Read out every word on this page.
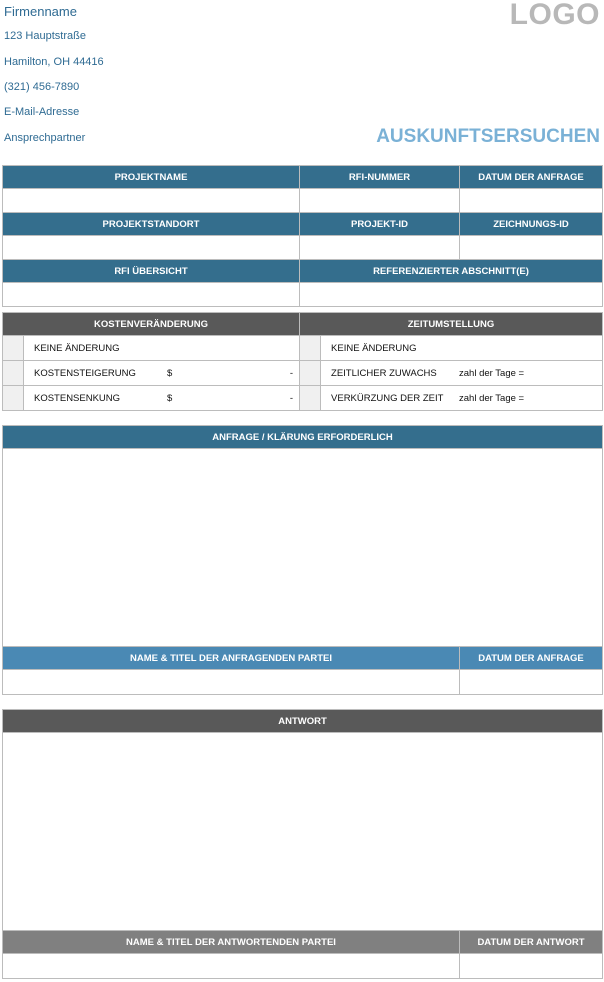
Firmenname
123 Hauptstraße
Hamilton, OH 44416
(321) 456-7890
E-Mail-Adresse
Ansprechpartner
LOGO
AUSKUNFTSERSUCHEN
PROJEKTNAME	RFI-NUMMER	DATUM DER ANFRAGE

PROJEKTSTANDORT	PROJEKT-ID	ZEICHNUNGS-ID

RFI ÜBERSICHT	REFERENZIERTER ABSCHNITT(E)	

KOSTENVERÄNDERUNG		ZEITUMSTELLUNG	

	KEINE ÄNDERUNG		KEINE ÄNDERUNG

	KOSTENSTEIGERUNG $ -		ZEITLICHER ZUWACHS zahl der Tage =

	KOSTENSENKUNG $ -		VERKÜRZUNG DER ZEIT zahl der Tage =
ANFRAGE / KLÄRUNG ERFORDERLICH	

NAME & TITEL DER ANFRAGENDEN PARTEI	DATUM DER ANFRAGE

ANTWORT	

NAME & TITEL DER ANTWORTENDEN PARTEI	DATUM DER ANTWORT
